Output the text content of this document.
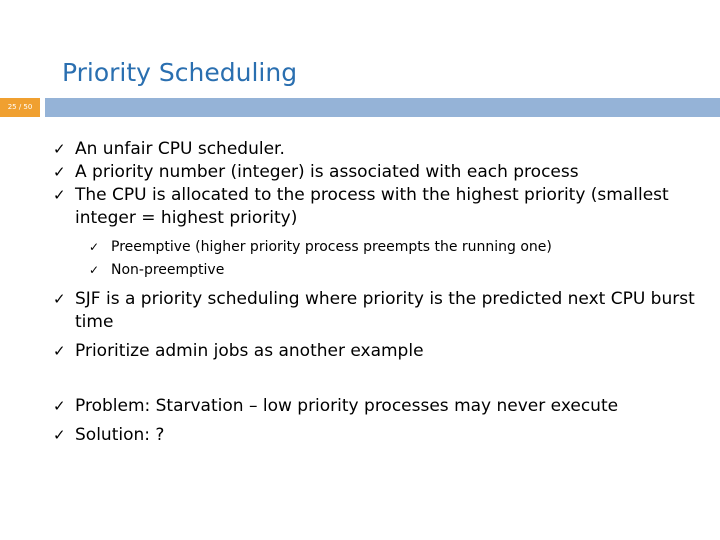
Priority Scheduling
25 / 50
✓ An unfair CPU scheduler.
✓ A priority number (integer) is associated with each process
✓ The CPU is allocated to the process with the highest priority (smallest integer = highest priority)
✓ Preemptive (higher priority process preempts the running one)
✓ Non-preemptive
✓ SJF is a priority scheduling where priority is the predicted next CPU burst time
✓ Prioritize admin jobs as another example
✓ Problem: Starvation – low priority processes may never execute
✓ Solution: ?
